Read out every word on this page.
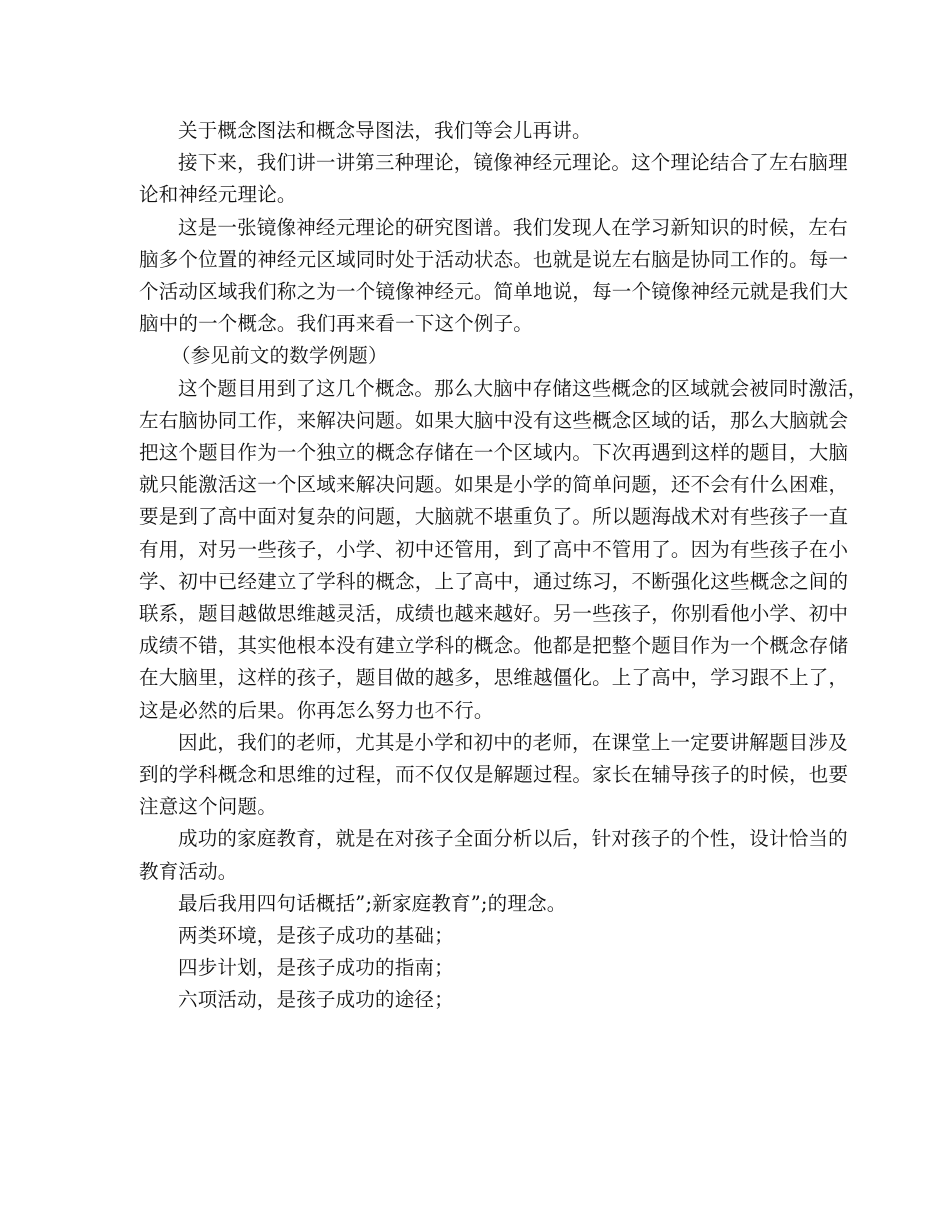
关于概念图法和概念导图法，我们等会儿再讲。

接下来，我们讲一讲第三种理论，镜像神经元理论。这个理论结合了左右脑理
论和神经元理论。

这是一张镜像神经元理论的研究图谱。我们发现人在学习新知识的时候，左右
脑多个位置的神经元区域同时处于活动状态。也就是说左右脑是协同工作的。每一
个活动区域我们称之为一个镜像神经元。简单地说，每一个镜像神经元就是我们大
脑中的一个概念。我们再来看一下这个例子。

（参见前文的数学例题）

这个题目用到了这几个概念。那么大脑中存储这些概念的区域就会被同时激活，
左右脑协同工作，来解决问题。如果大脑中没有这些概念区域的话，那么大脑就会
把这个题目作为一个独立的概念存储在一个区域内。下次再遇到这样的题目，大脑
就只能激活这一个区域来解决问题。如果是小学的简单问题，还不会有什么困难，
要是到了高中面对复杂的问题，大脑就不堪重负了。所以题海战术对有些孩子一直
有用，对另一些孩子，小学、初中还管用，到了高中不管用了。因为有些孩子在小
学、初中已经建立了学科的概念，上了高中，通过练习，不断强化这些概念之间的
联系，题目越做思维越灵活，成绩也越来越好。另一些孩子，你别看他小学、初中
成绩不错，其实他根本没有建立学科的概念。他都是把整个题目作为一个概念存储
在大脑里，这样的孩子，题目做的越多，思维越僵化。上了高中，学习跟不上了，
这是必然的后果。你再怎么努力也不行。

因此，我们的老师，尤其是小学和初中的老师，在课堂上一定要讲解题目涉及
到的学科概念和思维的过程，而不仅仅是解题过程。家长在辅导孩子的时候，也要
注意这个问题。

成功的家庭教育，就是在对孩子全面分析以后，针对孩子的个性，设计恰当的
教育活动。

最后我用四句话概括”;新家庭教育”;的理念。

两类环境，是孩子成功的基础；

四步计划，是孩子成功的指南；

六项活动，是孩子成功的途径；
